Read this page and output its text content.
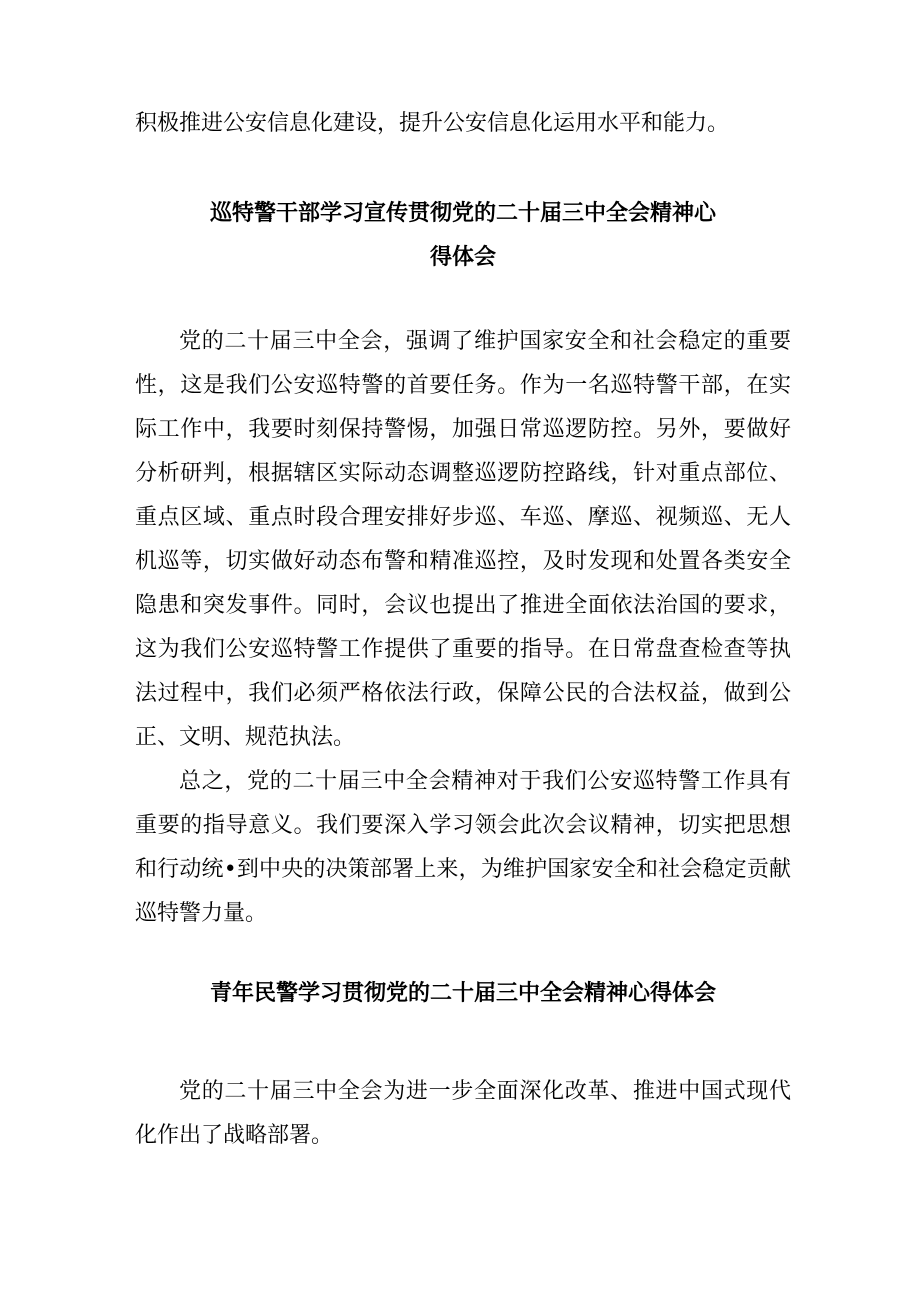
积极推进公安信息化建设，提升公安信息化运用水平和能力。

巡特警干部学习宣传贯彻党的二十届三中全会精神心

得体会

党的二十届三中全会，强调了维护国家安全和社会稳定的重要性，这是我们公安巡特警的首要任务。作为一名巡特警干部，在实际工作中，我要时刻保持警惕，加强日常巡逻防控。另外，要做好分析研判，根据辖区实际动态调整巡逻防控路线，针对重点部位、重点区域、重点时段合理安排好步巡、车巡、摩巡、视频巡、无人机巡等，切实做好动态布警和精准巡控，及时发现和处置各类安全隐患和突发事件。同时，会议也提出了推进全面依法治国的要求，这为我们公安巡特警工作提供了重要的指导。在日常盘查检查等执法过程中，我们必须严格依法行政，保障公民的合法权益，做到公正、文明、规范执法。

总之，党的二十届三中全会精神对于我们公安巡特警工作具有重要的指导意义。我们要深入学习领会此次会议精神，切实把思想和行动统•到中央的决策部署上来，为维护国家安全和社会稳定贡献巡特警力量。

青年民警学习贯彻党的二十届三中全会精神心得体会

党的二十届三中全会为进一步全面深化改革、推进中国式现代化作出了战略部署。
